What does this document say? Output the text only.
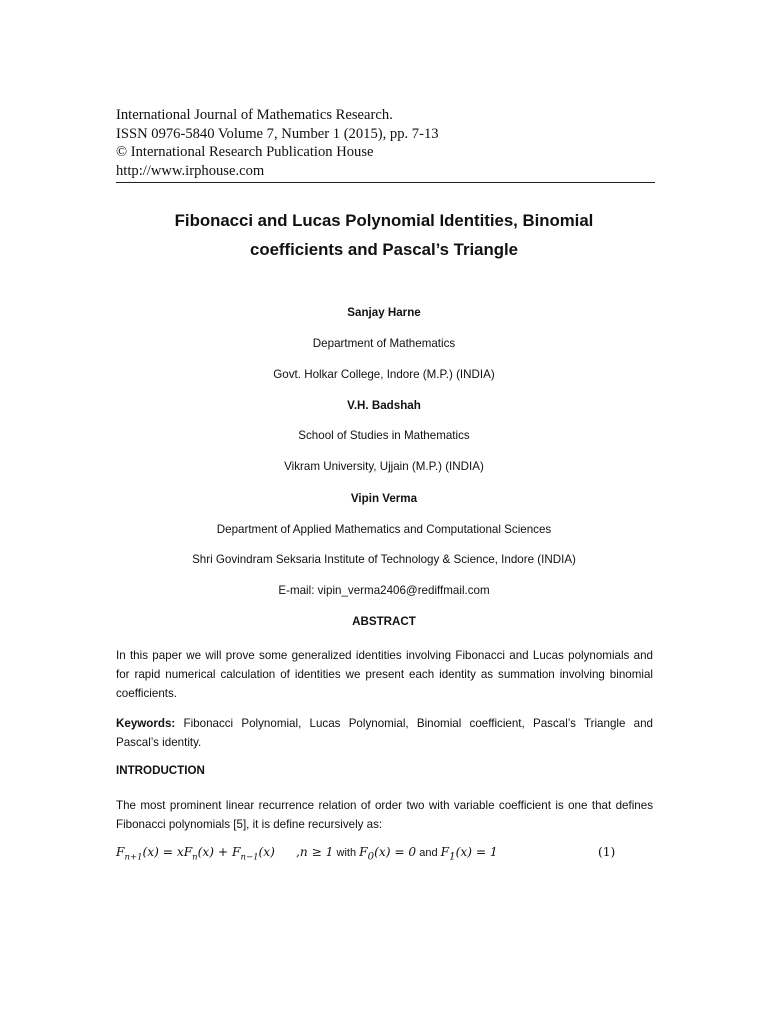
International Journal of Mathematics Research.
ISSN 0976-5840 Volume 7, Number 1 (2015), pp. 7-13
© International Research Publication House
http://www.irphouse.com
Fibonacci and Lucas Polynomial Identities, Binomial
coefficients and Pascal’s Triangle
Sanjay Harne
Department of Mathematics
Govt. Holkar College, Indore (M.P.) (INDIA)
V.H. Badshah
School of Studies in Mathematics
Vikram University, Ujjain (M.P.) (INDIA)
Vipin Verma
Department of Applied Mathematics and Computational Sciences
Shri Govindram Seksaria Institute of Technology & Science, Indore (INDIA)
E-mail: vipin_verma2406@rediffmail.com
ABSTRACT
In this paper we will prove some generalized identities involving Fibonacci and Lucas polynomials and for rapid numerical calculation of identities we present each identity as summation involving binomial coefficients.
Keywords: Fibonacci Polynomial, Lucas Polynomial, Binomial coefficient, Pascal’s Triangle and Pascal’s identity.
INTRODUCTION
The most prominent linear recurrence relation of order two with variable coefficient is one that defines Fibonacci polynomials [5], it is define recursively as:
$F_{n+1}(x) = xF_n(x) + F_{n-1}(x) ,n \ge 1$ with $F_0(x) = 0$ and $F_1(x) = 1$	(1)
